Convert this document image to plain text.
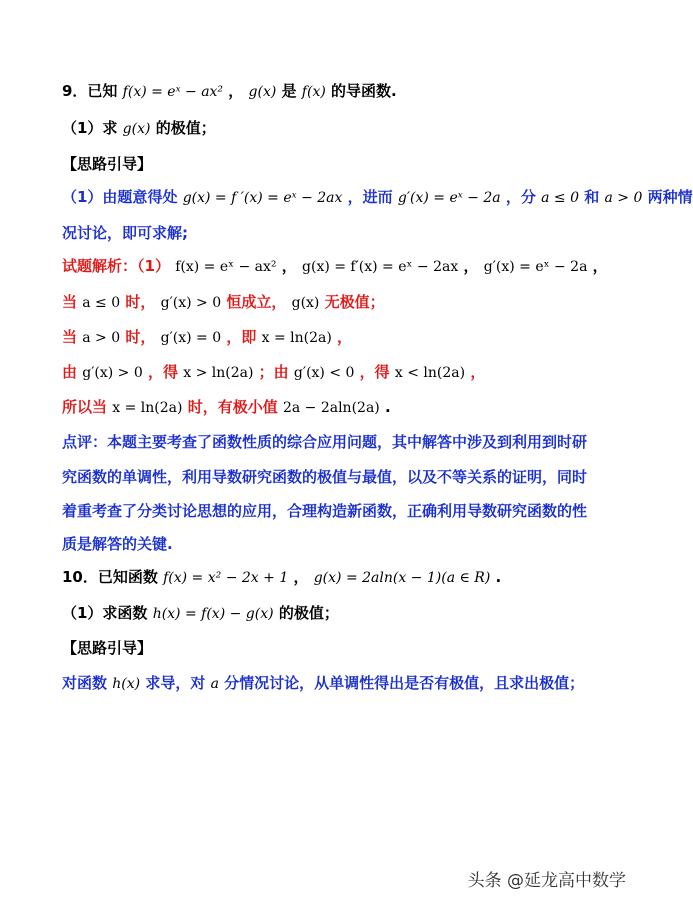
9．已知 f(x) = eˣ − ax² ， g(x) 是 f(x) 的导函数.
（1）求 g(x) 的极值；
【思路引导】
（1）由题意得处 g(x) = f ′(x) = eˣ − 2ax ，进而 g′(x) = eˣ − 2a ，分 a ≤ 0 和 a > 0 两种情
况讨论，即可求解;
试题解析：（1） f(x) = eˣ − ax² ， g(x) = f′(x) = eˣ − 2ax ， g′(x) = eˣ − 2a ，
当 a ≤ 0 时， g′(x) > 0 恒成立， g(x) 无极值；
当 a > 0 时， g′(x) = 0 ，即 x = ln(2a) ，
由 g′(x) > 0 ，得 x > ln(2a) ；由 g′(x) < 0 ，得 x < ln(2a) ，
所以当 x = ln(2a) 时，有极小值 2a − 2aln(2a) .
点评：本题主要考查了函数性质的综合应用问题，其中解答中涉及到利用到时研
究函数的单调性，利用导数研究函数的极值与最值，以及不等关系的证明，同时
着重考查了分类讨论思想的应用，合理构造新函数，正确利用导数研究函数的性
质是解答的关键.
10．已知函数 f(x) = x² − 2x + 1 ， g(x) = 2aln(x − 1)(a ∈ R) .
（1）求函数 h(x) = f(x) − g(x) 的极值；
【思路引导】
对函数 h(x) 求导，对 a 分情况讨论，从单调性得出是否有极值，且求出极值；
头条 @延龙高中数学
